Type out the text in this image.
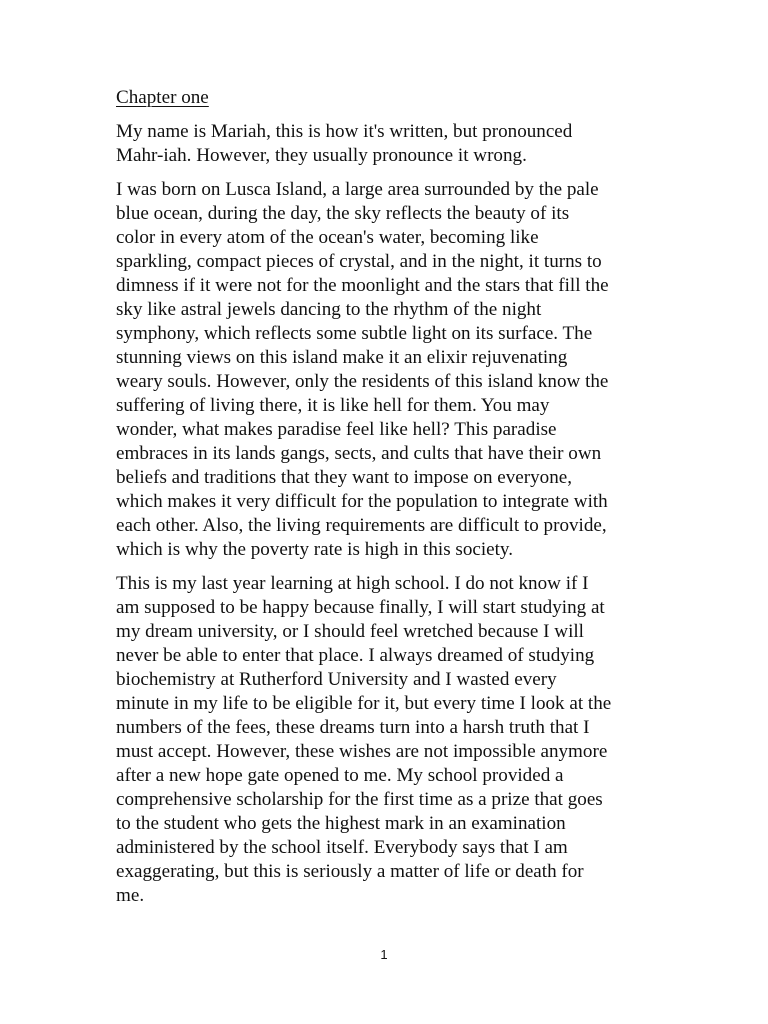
Chapter one

My name is Mariah, this is how it's written, but pronounced
Mahr-iah. However, they usually pronounce it wrong.

I was born on Lusca Island, a large area surrounded by the pale
blue ocean, during the day, the sky reflects the beauty of its
color in every atom of the ocean's water, becoming like
sparkling, compact pieces of crystal, and in the night, it turns to
dimness if it were not for the moonlight and the stars that fill the
sky like astral jewels dancing to the rhythm of the night
symphony, which reflects some subtle light on its surface. The
stunning views on this island make it an elixir rejuvenating
weary souls. However, only the residents of this island know the
suffering of living there, it is like hell for them. You may
wonder, what makes paradise feel like hell? This paradise
embraces in its lands gangs, sects, and cults that have their own
beliefs and traditions that they want to impose on everyone,
which makes it very difficult for the population to integrate with
each other. Also, the living requirements are difficult to provide,
which is why the poverty rate is high in this society.

This is my last year learning at high school. I do not know if I
am supposed to be happy because finally, I will start studying at
my dream university, or I should feel wretched because I will
never be able to enter that place. I always dreamed of studying
biochemistry at Rutherford University and I wasted every
minute in my life to be eligible for it, but every time I look at the
numbers of the fees, these dreams turn into a harsh truth that I
must accept. However, these wishes are not impossible anymore
after a new hope gate opened to me. My school provided a
comprehensive scholarship for the first time as a prize that goes
to the student who gets the highest mark in an examination
administered by the school itself. Everybody says that I am
exaggerating, but this is seriously a matter of life or death for
me.

1
